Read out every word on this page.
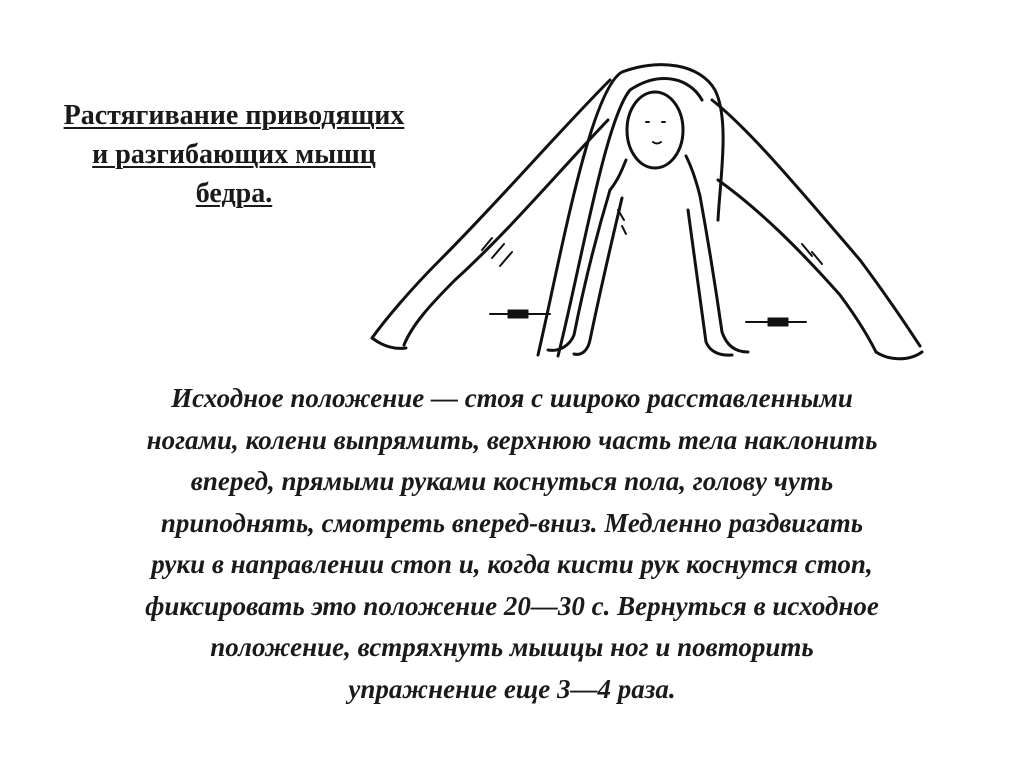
Растягивание приводящих
и разгибающих мышц
бедра.
Исходное положение — стоя с широко расставленными
ногами, колени выпрямить, верхнюю часть тела наклонить
вперед, прямыми руками коснуться пола, голову чуть
приподнять, смотреть вперед-вниз. Медленно раздвигать
руки в направлении стоп и, когда кисти рук коснутся стоп,
фиксировать это положение 20—30 с. Вернуться в исходное
положение, встряхнуть мышцы ног и повторить
упражнение еще 3—4 раза.
